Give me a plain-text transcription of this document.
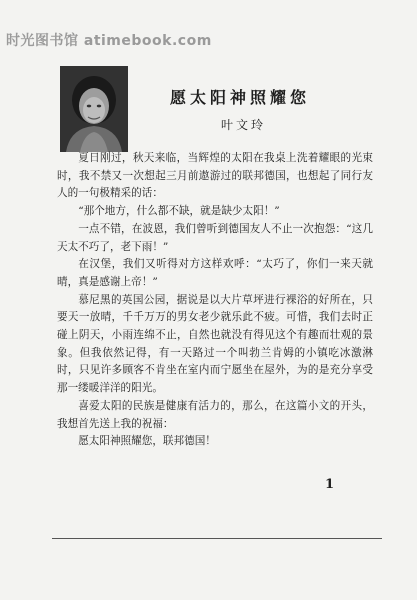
时光图书馆 atimebook.com
愿太阳神照耀您
叶文玲

夏日刚过，秋天来临，当辉煌的太阳在我桌上洗着耀眼的光束时，我不禁又一次想起三月前遨游过的联邦德国，也想起了同行友人的一句极精采的话：

“那个地方，什么都不缺，就是缺少太阳！”

一点不错，在波恩，我们曾听到德国友人不止一次抱怨：“这几天太不巧了，老下雨！”

在汉堡，我们又听得对方这样欢呼：“太巧了，你们一来天就晴，真是感谢上帝！”

慕尼黑的英国公园，据说是以大片草坪进行裸浴的好所在，只要天一放晴，千千万万的男女老少就乐此不疲。可惜，我们去时正碰上阴天，小雨连绵不止，自然也就没有得见这个有趣而壮观的景象。但我依然记得，有一天路过一个叫勃兰肯姆的小镇吃冰激淋时，只见许多顾客不肯坐在室内而宁愿坐在屋外，为的是充分享受那一缕暖洋洋的阳光。

喜爱太阳的民族是健康有活力的，那么，在这篇小文的开头，我想首先送上我的祝福：

愿太阳神照耀您，联邦德国！

1
